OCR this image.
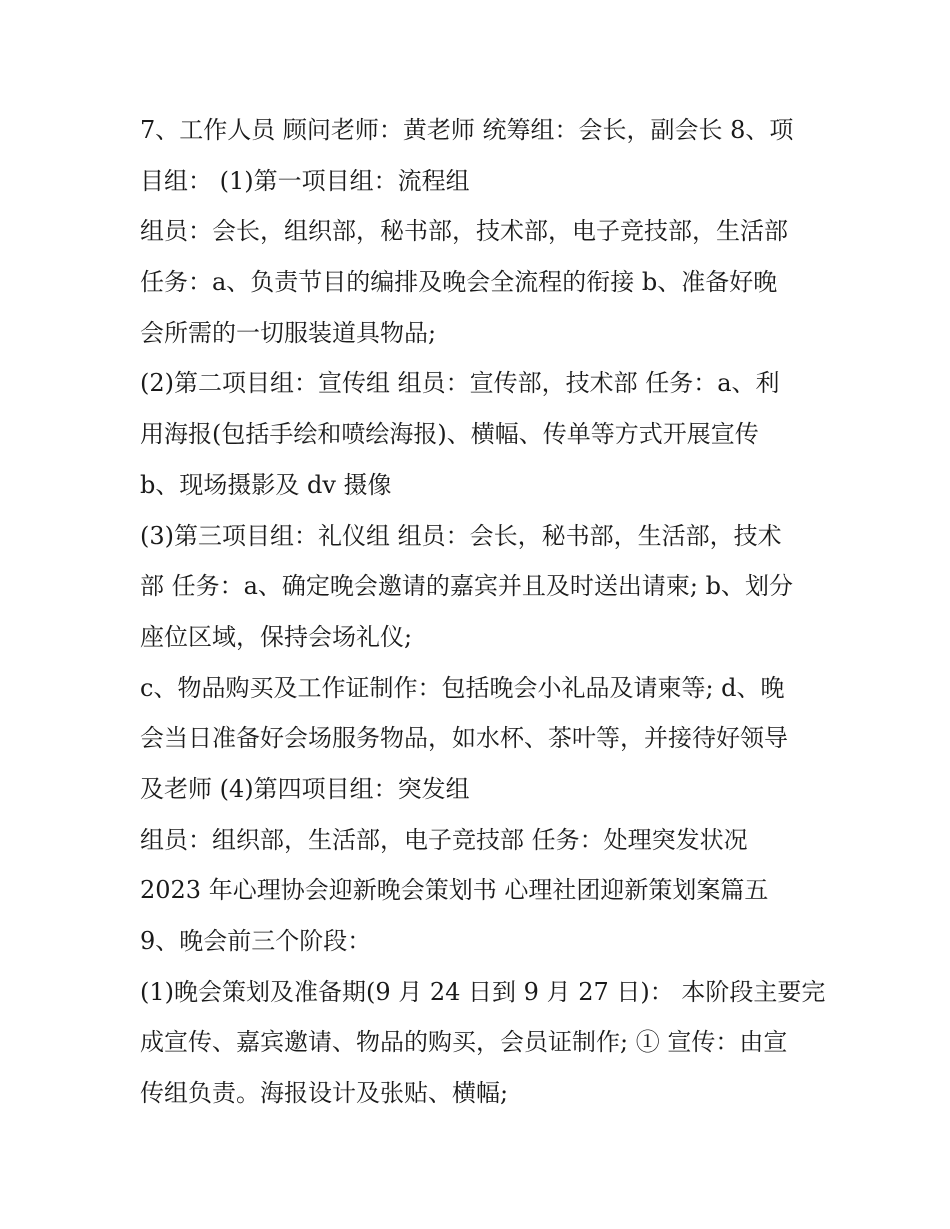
7、工作人员 顾问老师：黄老师 统筹组：会长，副会长 8、项
目组： (1)第一项目组：流程组
组员：会长，组织部，秘书部，技术部，电子竞技部，生活部
任务：a、负责节目的编排及晚会全流程的衔接 b、准备好晚
会所需的一切服装道具物品;
(2)第二项目组：宣传组 组员：宣传部，技术部 任务：a、利
用海报(包括手绘和喷绘海报)、横幅、传单等方式开展宣传
b、现场摄影及 dv 摄像
(3)第三项目组：礼仪组 组员：会长，秘书部，生活部，技术
部 任务：a、确定晚会邀请的嘉宾并且及时送出请柬; b、划分
座位区域，保持会场礼仪;
c、物品购买及工作证制作：包括晚会小礼品及请柬等; d、晚
会当日准备好会场服务物品，如水杯、茶叶等，并接待好领导
及老师 (4)第四项目组：突发组
组员：组织部，生活部，电子竞技部 任务：处理突发状况
2023 年心理协会迎新晚会策划书 心理社团迎新策划案篇五
9、晚会前三个阶段：
(1)晚会策划及准备期(9 月 24 日到 9 月 27 日)： 本阶段主要完
成宣传、嘉宾邀请、物品的购买，会员证制作; ① 宣传：由宣
传组负责。海报设计及张贴、横幅;
